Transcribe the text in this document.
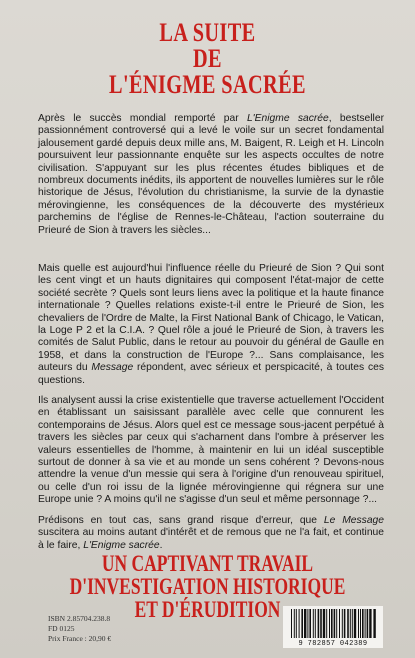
LA SUITE
DE
L'ÉNIGME SACRÉE

Après le succès mondial remporté par L'Enigme sacrée, bestseller passionnément controversé qui a levé le voile sur un secret fondamental jalousement gardé depuis deux mille ans, M. Baigent, R. Leigh et H. Lincoln poursuivent leur passionnante enquête sur les aspects occultes de notre civilisation. S'appuyant sur les plus récentes études bibliques et de nombreux documents inédits, ils apportent de nouvelles lumières sur le rôle historique de Jésus, l'évolution du christianisme, la survie de la dynastie mérovingienne, les conséquences de la découverte des mystérieux parchemins de l'église de Rennes-le-Château, l'action souterraine du Prieuré de Sion à travers les siècles...

Mais quelle est aujourd'hui l'influence réelle du Prieuré de Sion ? Qui sont les cent vingt et un hauts dignitaires qui composent l'état-major de cette société secrète ? Quels sont leurs liens avec la politique et la haute finance internationale ? Quelles relations existe-t-il entre le Prieuré de Sion, les chevaliers de l'Ordre de Malte, la First National Bank of Chicago, le Vatican, la Loge P 2 et la C.I.A. ? Quel rôle a joué le Prieuré de Sion, à travers les comités de Salut Public, dans le retour au pouvoir du général de Gaulle en 1958, et dans la construction de l'Europe ?... Sans complaisance, les auteurs du Message répondent, avec sérieux et perspicacité, à toutes ces questions.

Ils analysent aussi la crise existentielle que traverse actuellement l'Occident en établissant un saisissant parallèle avec celle que connurent les contemporains de Jésus. Alors quel est ce message sous-jacent perpétué à travers les siècles par ceux qui s'acharnent dans l'ombre à préserver les valeurs essentielles de l'homme, à maintenir en lui un idéal susceptible surtout de donner à sa vie et au monde un sens cohérent ? Devons-nous attendre la venue d'un messie qui sera à l'origine d'un renouveau spirituel, ou celle d'un roi issu de la lignée mérovingienne qui régnera sur une Europe unie ? A moins qu'il ne s'agisse d'un seul et même personnage ?...

Prédisons en tout cas, sans grand risque d'erreur, que Le Message suscitera au moins autant d'intérêt et de remous que ne l'a fait, et continue à le faire, L'Enigme sacrée.

UN CAPTIVANT TRAVAIL
D'INVESTIGATION HISTORIQUE
ET D'ÉRUDITION
ISBN 2.85704.238.8
FD 0125
Prix France : 20,90 €
9 782857 042389
